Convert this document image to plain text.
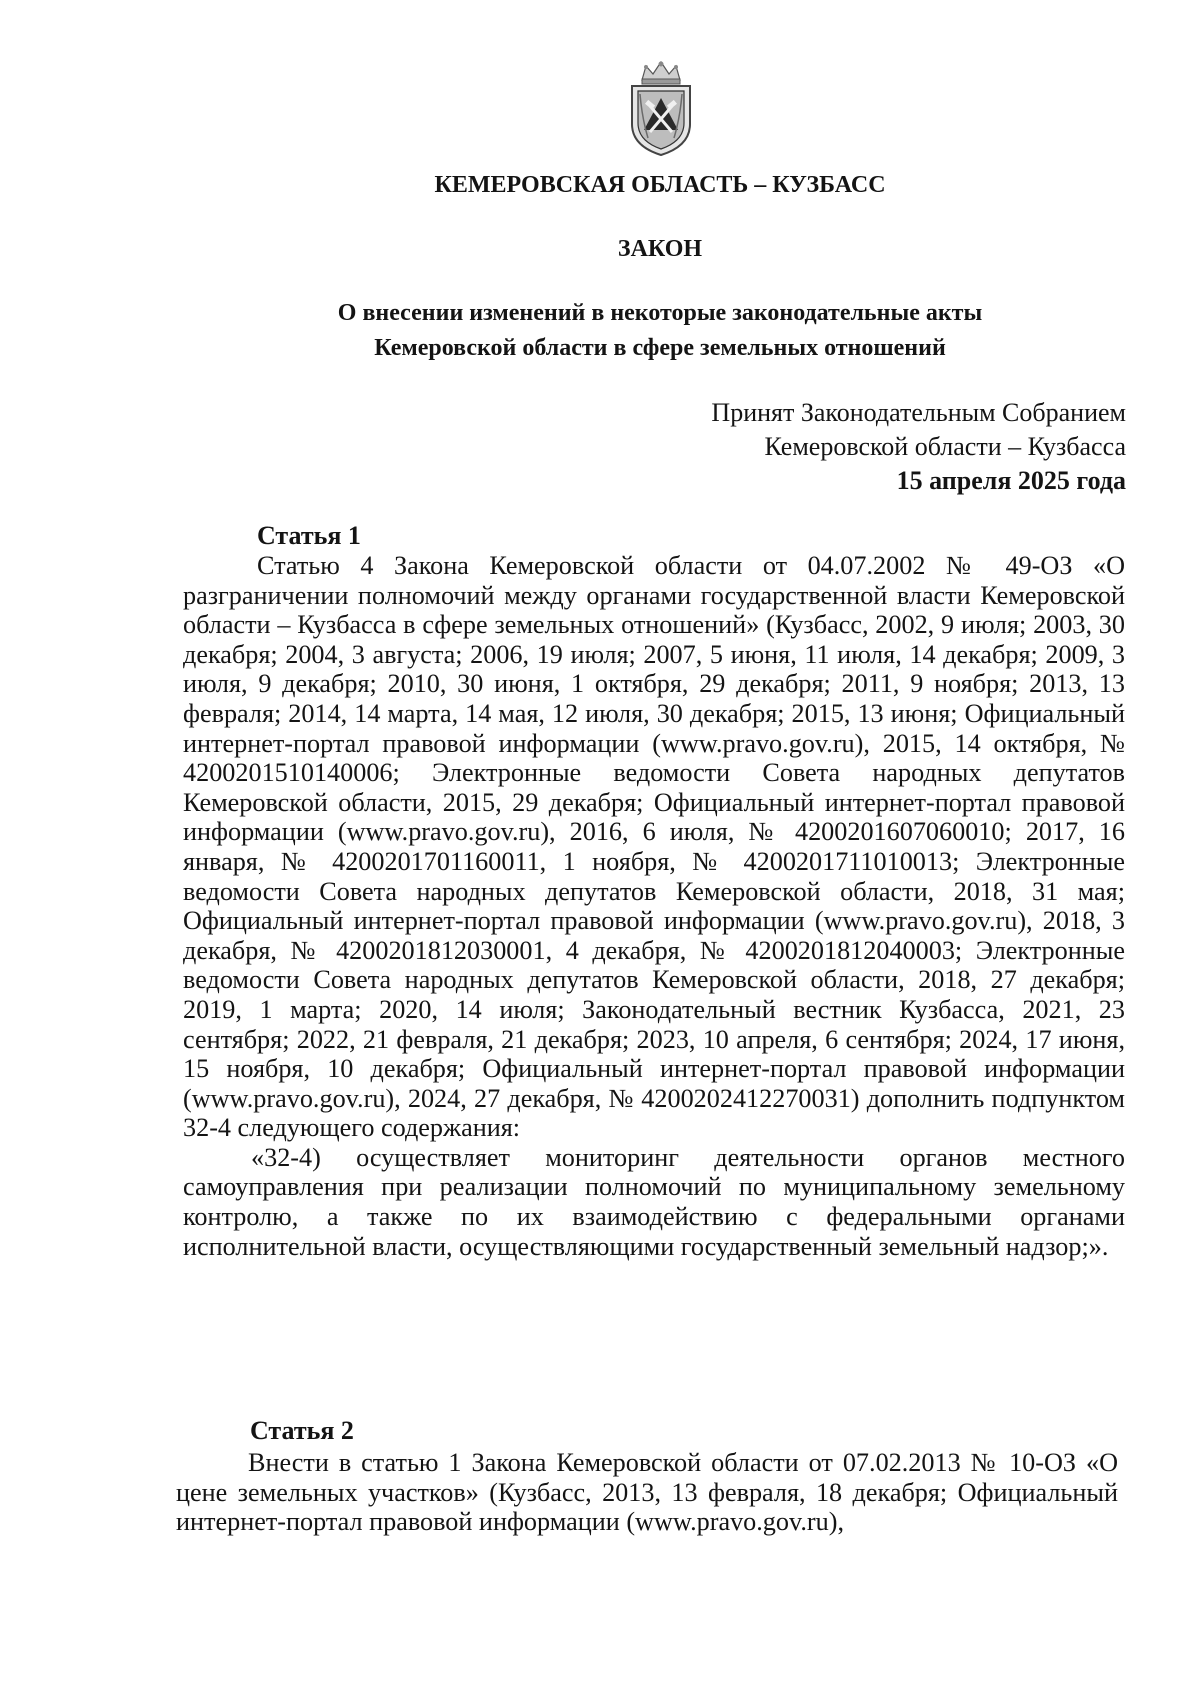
КЕМЕРОВСКАЯ ОБЛАСТЬ – КУЗБАСС
ЗАКОН
О внесении изменений в некоторые законодательные акты
Кемеровской области в сфере земельных отношений
Принят Законодательным Собранием
Кемеровской области – Кузбасса
15 апреля 2025 года
Статья 1

Статью 4 Закона Кемеровской области от 04.07.2002 № 49-ОЗ «О разграничении полномочий между органами государственной власти Кемеровской области – Кузбасса в сфере земельных отношений» (Кузбасс, 2002, 9 июля; 2003, 30 декабря; 2004, 3 августа; 2006, 19 июля; 2007, 5 июня, 11 июля, 14 декабря; 2009, 3 июля, 9 декабря; 2010, 30 июня, 1 октября, 29 декабря; 2011, 9 ноября; 2013, 13 февраля; 2014, 14 марта, 14 мая, 12 июля, 30 декабря; 2015, 13 июня; Официальный интернет-портал правовой информации (www.pravo.gov.ru), 2015, 14 октября, № 4200201510140006; Электронные ведомости Совета народных депутатов Кемеровской области, 2015, 29 декабря; Официальный интернет-портал правовой информации (www.pravo.gov.ru), 2016, 6 июля, № 4200201607060010; 2017, 16 января, № 4200201701160011, 1 ноября, № 4200201711010013; Электронные ведомости Совета народных депутатов Кемеровской области, 2018, 31 мая; Официальный интернет-портал правовой информации (www.pravo.gov.ru), 2018, 3 декабря, № 4200201812030001, 4 декабря, № 4200201812040003; Электронные ведомости Совета народных депутатов Кемеровской области, 2018, 27 декабря; 2019, 1 марта; 2020, 14 июля; Законодательный вестник Кузбасса, 2021, 23 сентября; 2022, 21 февраля, 21 декабря; 2023, 10 апреля, 6 сентября; 2024, 17 июня, 15 ноября, 10 декабря; Официальный интернет-портал правовой информации (www.pravo.gov.ru), 2024, 27 декабря, № 4200202412270031) дополнить подпунктом 32-4 следующего содержания:

«32-4) осуществляет мониторинг деятельности органов местного самоуправления при реализации полномочий по муниципальному земельному контролю, а также по их взаимодействию с федеральными органами исполнительной власти, осуществляющими государственный земельный надзор;».

Статья 2

Внести в статью 1 Закона Кемеровской области от 07.02.2013 № 10-ОЗ «О цене земельных участков» (Кузбасс, 2013, 13 февраля, 18 декабря; Официальный интернет-портал правовой информации (www.pravo.gov.ru),
